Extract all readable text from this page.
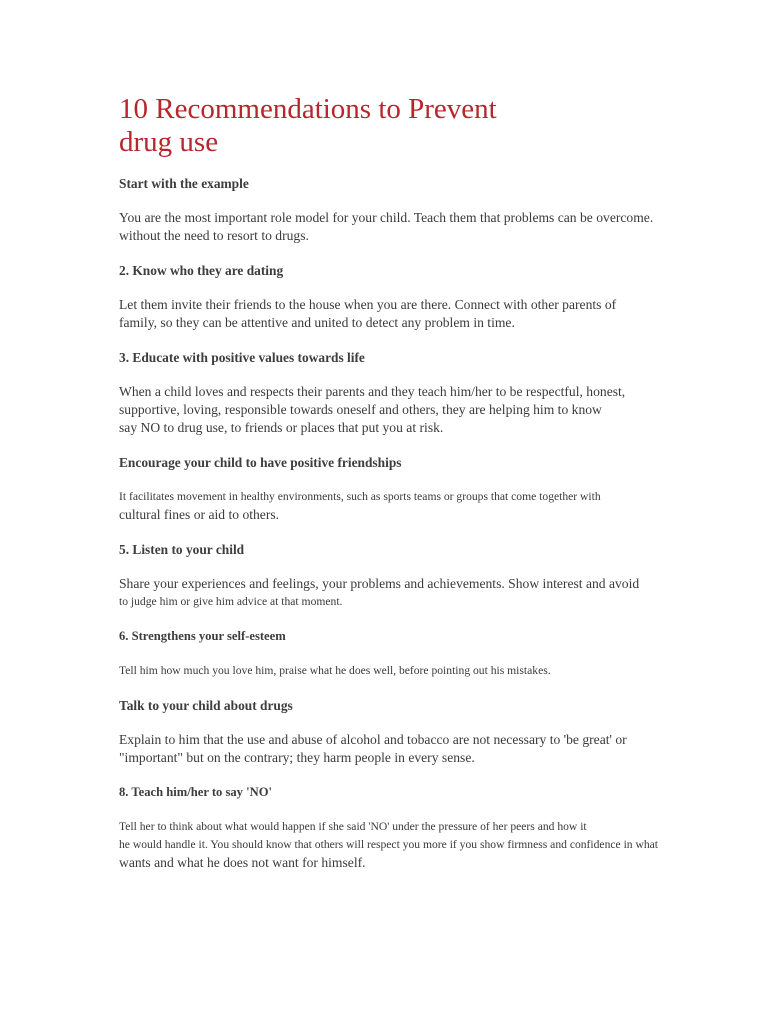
10 Recommendations to Prevent
drug use

Start with the example

You are the most important role model for your child. Teach them that problems can be overcome.
without the need to resort to drugs.

2. Know who they are dating

Let them invite their friends to the house when you are there. Connect with other parents of
family, so they can be attentive and united to detect any problem in time.

3. Educate with positive values towards life

When a child loves and respects their parents and they teach him/her to be respectful, honest,
supportive, loving, responsible towards oneself and others, they are helping him to know
say NO to drug use, to friends or places that put you at risk.

Encourage your child to have positive friendships

It facilitates movement in healthy environments, such as sports teams or groups that come together with
cultural fines or aid to others.

5. Listen to your child

Share your experiences and feelings, your problems and achievements. Show interest and avoid
to judge him or give him advice at that moment.

6. Strengthens your self-esteem

Tell him how much you love him, praise what he does well, before pointing out his mistakes.

Talk to your child about drugs

Explain to him that the use and abuse of alcohol and tobacco are not necessary to 'be great' or
"important" but on the contrary; they harm people in every sense.

8. Teach him/her to say 'NO'

Tell her to think about what would happen if she said 'NO' under the pressure of her peers and how it
he would handle it. You should know that others will respect you more if you show firmness and confidence in what
wants and what he does not want for himself.
